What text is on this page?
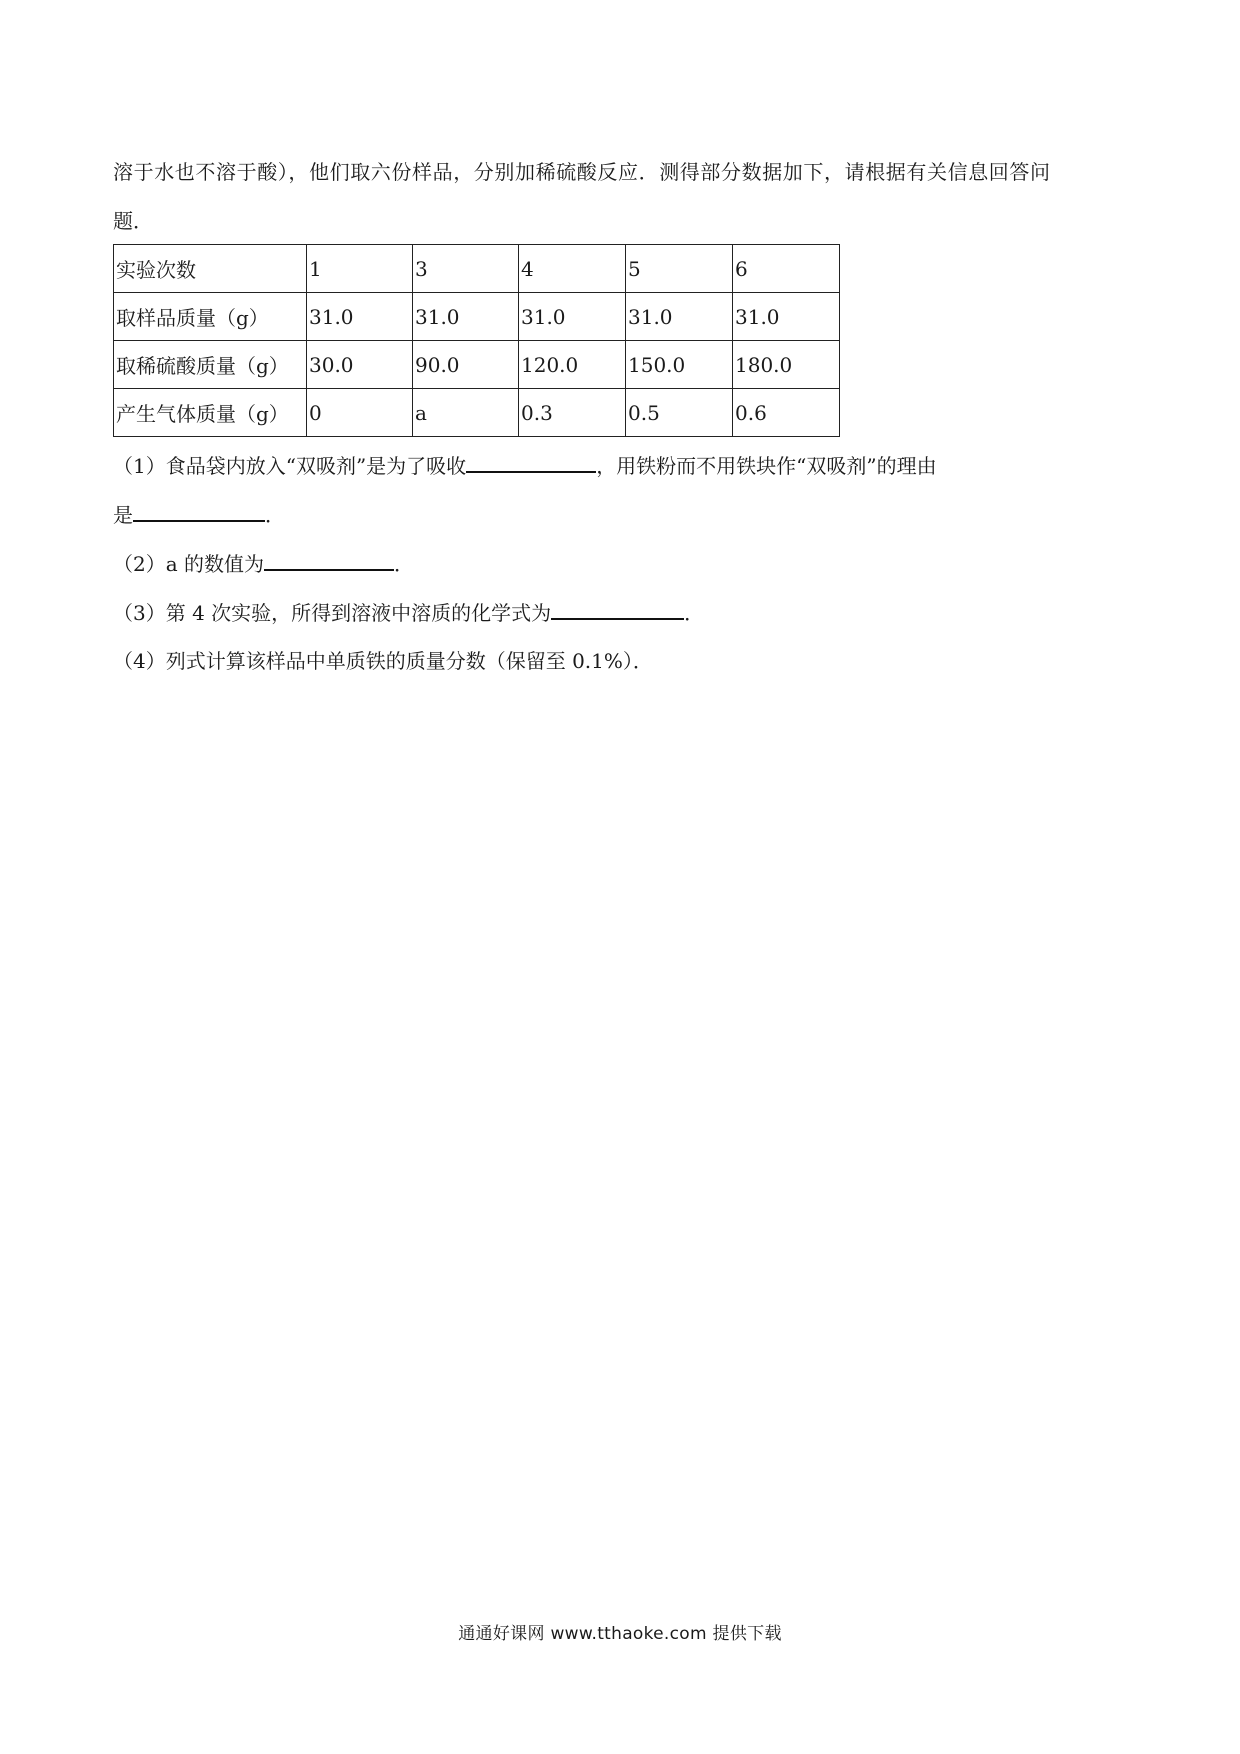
溶于水也不溶于酸），他们取六份样品，分别加稀硫酸反应．测得部分数据加下，请根据有关信息回答问
题．
实验次数	1	3	4	5	6
取样品质量（g）	31.0	31.0	31.0	31.0	31.0
取稀硫酸质量（g）	30.0	90.0	120.0	150.0	180.0
产生气体质量（g）	0	a	0.3	0.5	0.6
（1）食品袋内放入“双吸剂”是为了吸收	，用铁粉而不用铁块作“双吸剂”的理由
是	．
（2）a 的数值为	．
（3）第 4 次实验，所得到溶液中溶质的化学式为	．
（4）列式计算该样品中单质铁的质量分数（保留至 0.1%）．
通通好课网 www.tthaoke.com 提供下载
